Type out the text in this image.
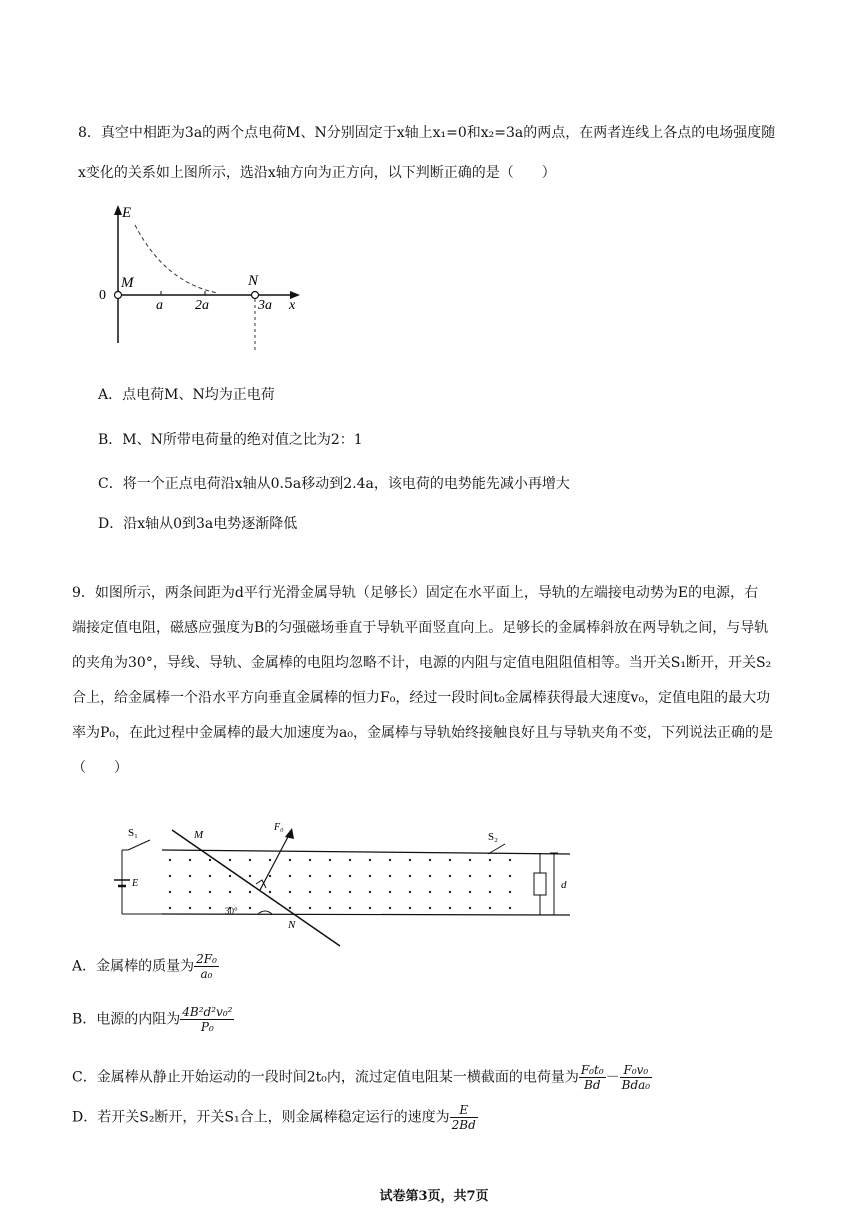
8．真空中相距为3a的两个点电荷M、N分别固定于x轴上x₁=0和x₂=3a的两点，在两者连线上各点的电场强度随
x变化的关系如上图所示，选沿x轴方向为正方向，以下判断正确的是（　　）
E
0
M	N
a 2a	3a x
A．点电荷M、N均为正电荷
B．M、N所带电荷量的绝对值之比为2：1
C．将一个正点电荷沿x轴从0.5a移动到2.4a，该电荷的电势能先减小再增大
D．沿x轴从0到3a电势逐渐降低
9．如图所示，两条间距为d平行光滑金属导轨（足够长）固定在水平面上，导轨的左端接电动势为E的电源，右
端接定值电阻，磁感应强度为B的匀强磁场垂直于导轨平面竖直向上。足够长的金属棒斜放在两导轨之间，与导轨
的夹角为30°，导线、导轨、金属棒的电阻均忽略不计，电源的内阻与定值电阻阻值相等。当开关S₁断开，开关S₂
合上，给金属棒一个沿水平方向垂直金属棒的恒力F₀，经过一段时间t₀金属棒获得最大速度v₀，定值电阻的最大功
率为P₀，在此过程中金属棒的最大加速度为a₀，金属棒与导轨始终接触良好且与导轨夹角不变，下列说法正确的是
（　　）
S₁	S₂
M
N
F₀
E
30°
d
A．金属棒的质量为 $\frac{\text{2F₀}}{\text{a₀}}$
B．电源的内阻为 $\frac{\text{4B²d²v₀²}}{\text{P₀}}$
C．金属棒从静止开始运动的一段时间2t₀内，流过定值电阻某一横截面的电荷量为 $\frac{\text{F₀t₀}}{Bd} - \frac{\text{F₀v₀}}{\text{Bda₀}}$
D．若开关S₂断开，开关S₁合上，则金属棒稳定运行的速度为 $\frac{E}{2Bd}$
试卷第3页，共7页
